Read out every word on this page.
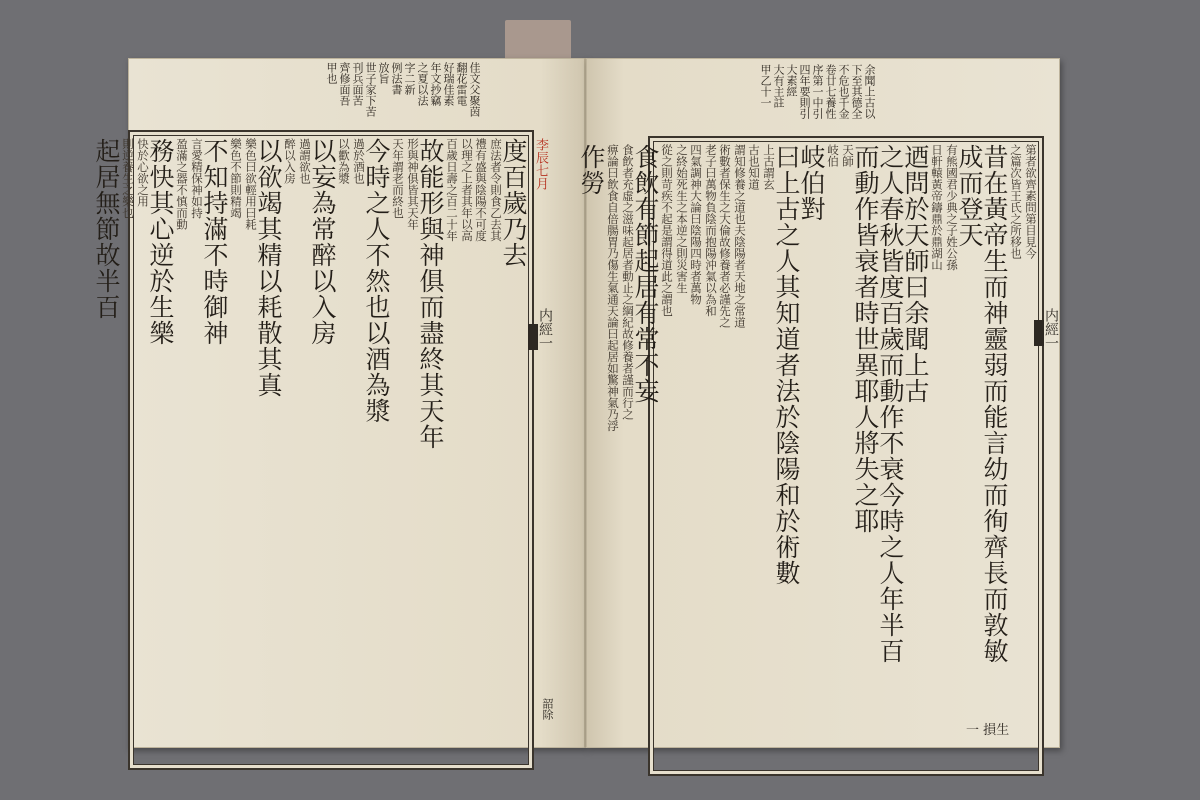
佳文父聚茵
翻花雷電
好瑞佳素
年文抄竊
之夏以法
字二新
例法書
放旨
世子家下苦
刊兵面苦
齊修面吾
甲也
度百歲乃去
庶法者令則食乙去其
禮有盛與陰陽不可度
以理之上者其年以高
百歲日壽之百二十年
故能形與神俱而盡終其天年
形與神俱皆其天年
天年謂老而終也
今時之人不然也以酒為漿
過於酒也
以歡為漿
以妄為常醉以入房
過謂欲也
醉以入房
以欲竭其精以耗散其真
樂色曰欲輕用曰耗
樂色不節則精竭
不知持滿不時御神
言愛精保神如持
盈滿之器不慎而動
務快其心逆於生樂
快於心欲之用
則逆養生之樂也
起居無節故半百	李辰七月
内經一
韶除
余聞上古以
下至其德全
不危也千金
卷廿七養性
序第一中引
四年要則引
大素經
大有主註
甲乙十一
第者欲齊素問第目見今
之篇次皆王氏之所移也
昔在黃帝生而神靈弱而能言幼而徇齊長而敦敏
成而登天
有熊國君少典之子姓公孫
日軒轅黃帝鑄鼎於鼎湖山
迺問於天師曰余聞上古
之人春秋皆度百歲而動作不衰今時之人年半百
而動作皆衰者時世異耶人將失之耶
天師
岐伯
岐伯對
曰上古之人其知道者法於陰陽和於術數
上古謂玄
古也知道
謂知修養之道也夫陰陽者天地之常道
術數者保生之大倫故修養者必謹先之
老子曰萬物負陰而抱陽沖氣以為和
四氣調神大論曰陰陽四時者萬物
之終始死生之本逆之則災害生
從之則苛疾不起是謂得道此之謂也
食飲有節起居有常不妄
食飲者充虛之滋味起居者動止之綱紀故修養者謹而行之
痹論曰飲食自倍腸胃乃傷生氣通天論曰起居如驚神氣乃浮
作勞
内經一
一 損生
